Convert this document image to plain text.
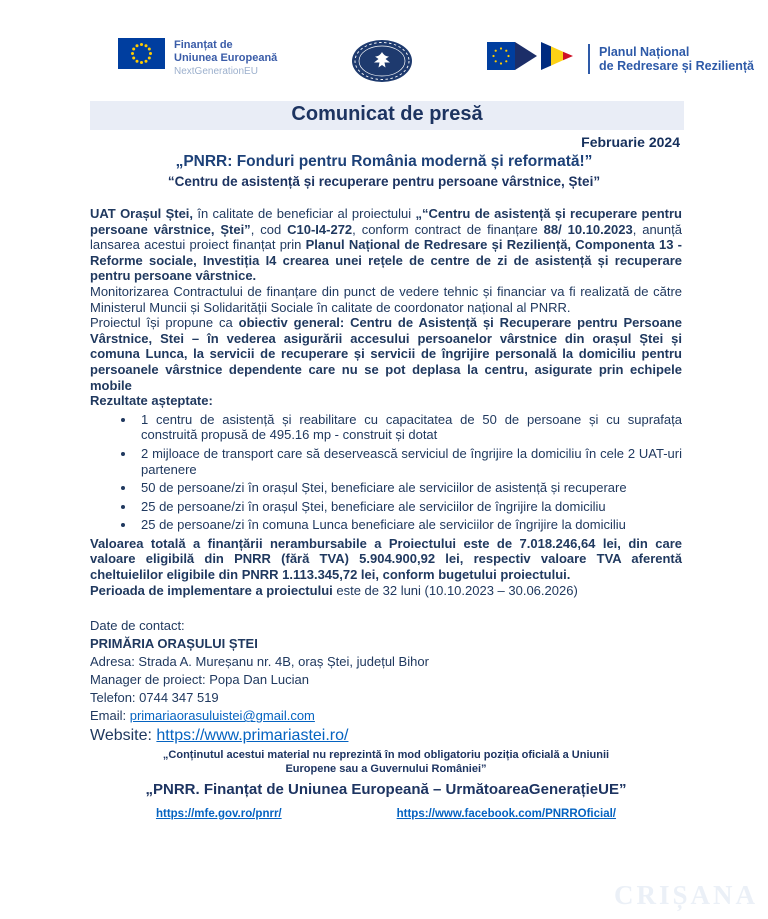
Finanțat de
Uniunea Europeană
NextGenerationEU
Planul Național
de Redresare și Reziliență
Comunicat de presă
Februarie 2024
„PNRR: Fonduri pentru România modernă și reformată!”
“Centru de asistență și recuperare pentru persoane vârstnice, Ștei”

UAT Orașul Ștei, în calitate de beneficiar al proiectului „“Centru de asistență și recuperare pentru persoane vârstnice, Ștei”, cod C10-I4-272, conform contract de finanțare 88/ 10.10.2023, anunță lansarea acestui proiect finanțat prin Planul Național de Redresare și Reziliență, Componenta 13 - Reforme sociale, Investiția I4 crearea unei rețele de centre de zi de asistență și recuperare pentru persoane vârstnice.

Monitorizarea Contractului de finanțare din punct de vedere tehnic și financiar va fi realizată de către Ministerul Muncii și Solidarității Sociale în calitate de coordonator național al PNRR.

Proiectul își propune ca obiectiv general: Centru de Asistență și Recuperare pentru Persoane Vârstnice, Stei – în vederea asigurării accesului persoanelor vârstnice din orașul Ștei și comuna Lunca, la servicii de recuperare și servicii de îngrijire personală la domiciliu pentru persoanele vârstnice dependente care nu se pot deplasa la centru, asigurate prin echipele mobile

Rezultate așteptate:

• 1 centru de asistență și reabilitare cu capacitatea de 50 de persoane și cu suprafața construită propusă de 495.16 mp - construit și dotat
• 2 mijloace de transport care să deservească serviciul de îngrijire la domiciliu în cele 2 UAT-uri partenere
• 50 de persoane/zi în orașul Ștei, beneficiare ale serviciilor de asistență și recuperare
• 25 de persoane/zi în orașul Ștei, beneficiare ale serviciilor de îngrijire la domiciliu
• 25 de persoane/zi în comuna Lunca beneficiare ale serviciilor de îngrijire la domiciliu

Valoarea totală a finanțării nerambursabile a Proiectului este de 7.018.246,64 lei, din care valoare eligibilă din PNRR (fără TVA) 5.904.900,92 lei, respectiv valoare TVA aferentă cheltuielilor eligibile din PNRR 1.113.345,72 lei, conform bugetului proiectului.

Perioada de implementare a proiectului este de 32 luni (10.10.2023 – 30.06.2026)

Date de contact:
PRIMĂRIA ORAȘULUI ȘTEI
Adresa: Strada A. Mureșanu nr. 4B, oraș Ștei, județul Bihor
Manager de proiect: Popa Dan Lucian
Telefon: 0744 347 519
Email: primariaorasuluistei@gmail.com
Website: https://www.primariastei.ro/
„Conținutul acestui material nu reprezintă în mod obligatoriu poziția oficială a Uniunii Europene sau a Guvernului României”
„PNRR. Finanțat de Uniunea Europeană – UrmătoareaGenerațieUE”
https://mfe.gov.ro/pnrr/	https://www.facebook.com/PNRROficial/
CRIȘANA
